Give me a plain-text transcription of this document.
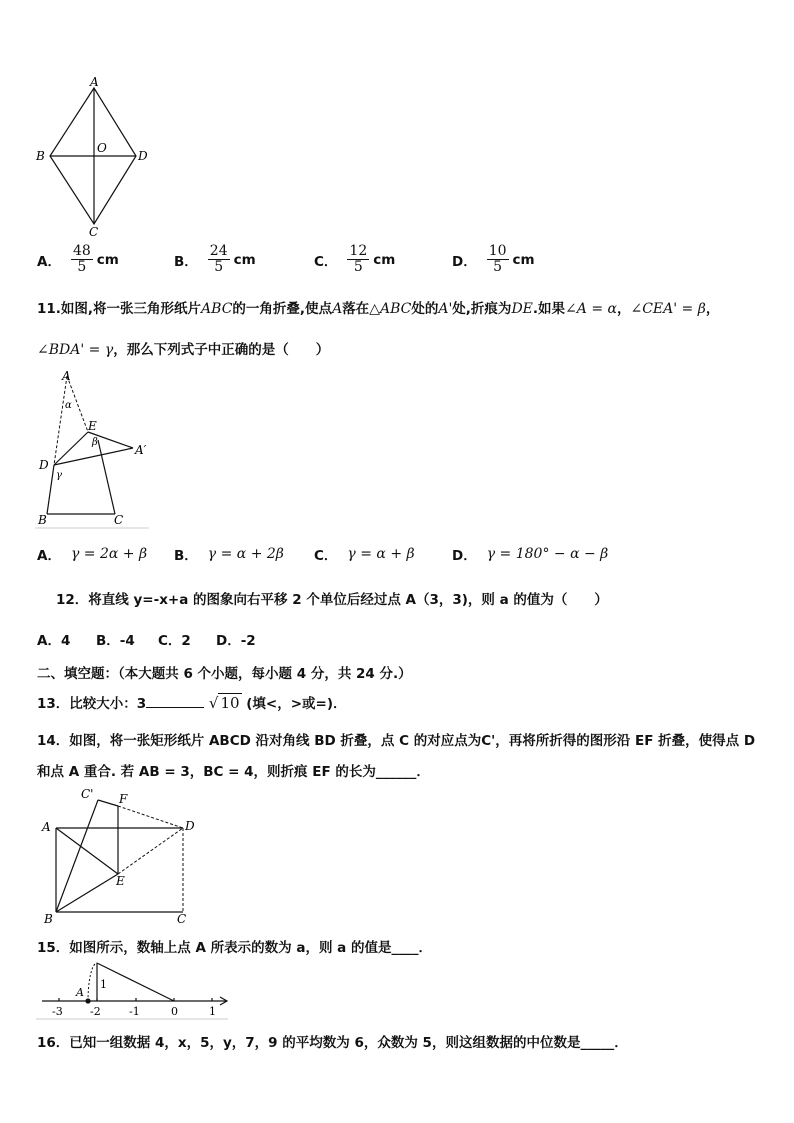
A
B
O
D
C
A． $\frac{48}{5}$ cm	B． $\frac{24}{5}$ cm	C． $\frac{12}{5}$ cm	D． $\frac{10}{5}$ cm
11.如图,将一张三角形纸片ABC的一角折叠,使点A落在△ABC处的A'处,折痕为DE.如果∠A = α，∠CEA' = β，
∠BDA' = γ，那么下列式子中正确的是（　　）
A
α
E
β
A′
D
γ
B	C
A． γ = 2α + β B． γ = α + 2β C． γ = α + β	D． γ = 180° − α − β
12．将直线 y=-x+a 的图象向右平移 2 个单位后经过点 A（3，3)，则 a 的值为（　　）
A．4 B．-4 C．2 D．-2
二、填空题：（本大题共 6 个小题，每小题 4 分，共 24 分.）
13．比较大小：3	√ 10 (填<，>或=)．
14．如图，将一张矩形纸片 ABCD 沿对角线 BD 折叠，点 C 的对应点为C'，再将所折得的图形沿 EF 折叠，使得点 D
和点 A 重合. 若 AB = 3，BC = 4，则折痕 EF 的长为______．
C' F
A	D
E
B	C
15．如图所示，数轴上点 A 所表示的数为 a，则 a 的值是____．
A
1
-3 -2	-1	0	1
16．已知一组数据 4，x，5，y，7，9 的平均数为 6，众数为 5，则这组数据的中位数是_____．
